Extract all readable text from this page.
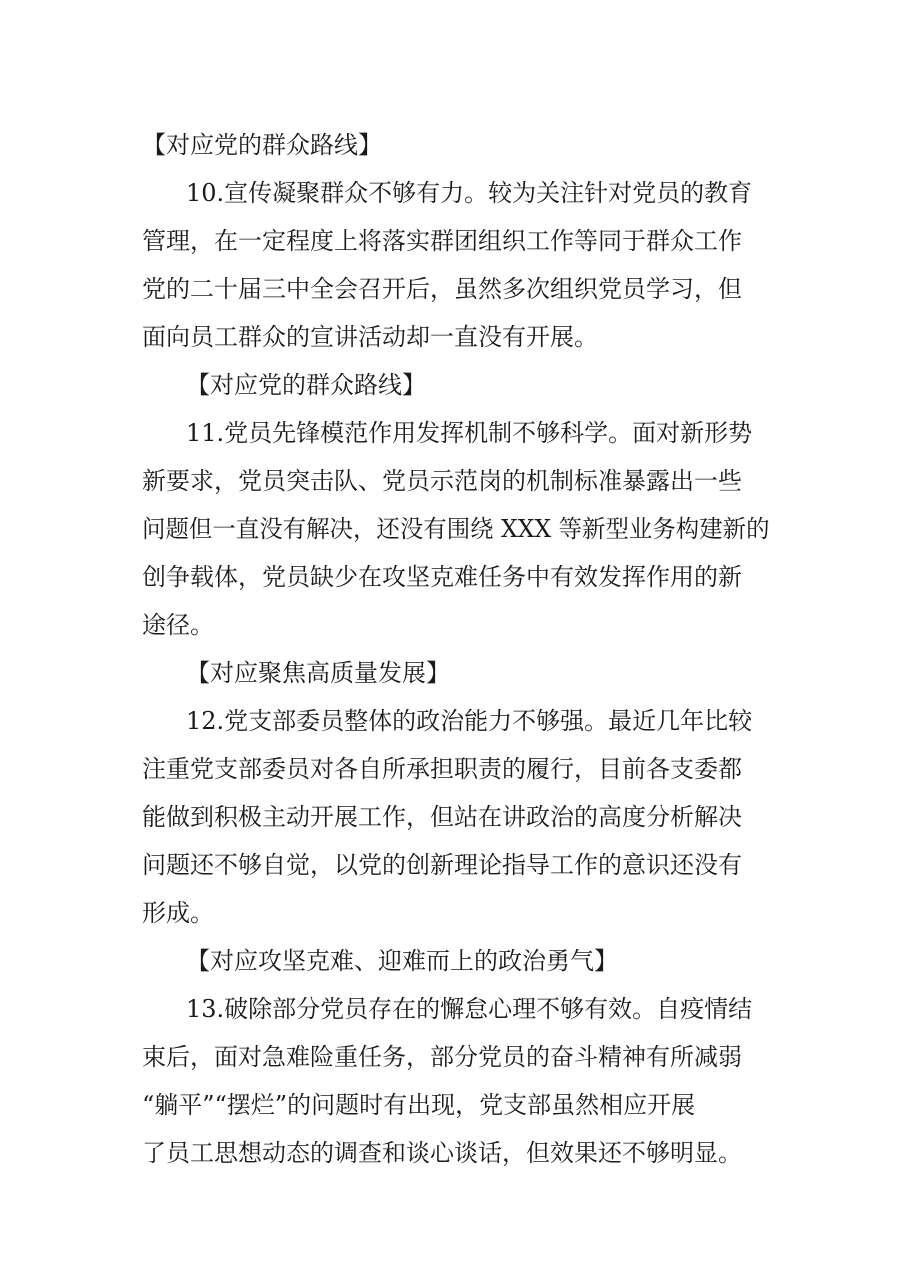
【对应党的群众路线】
10.宣传凝聚群众不够有力。较为关注针对党员的教育
管理，在一定程度上将落实群团组织工作等同于群众工作
党的二十届三中全会召开后，虽然多次组织党员学习，但
面向员工群众的宣讲活动却一直没有开展。
【对应党的群众路线】
11.党员先锋模范作用发挥机制不够科学。面对新形势
新要求，党员突击队、党员示范岗的机制标准暴露出一些
问题但一直没有解决，还没有围绕 XXX 等新型业务构建新的
创争载体，党员缺少在攻坚克难任务中有效发挥作用的新
途径。
【对应聚焦高质量发展】
12.党支部委员整体的政治能力不够强。最近几年比较
注重党支部委员对各自所承担职责的履行，目前各支委都
能做到积极主动开展工作，但站在讲政治的高度分析解决
问题还不够自觉，以党的创新理论指导工作的意识还没有
形成。
【对应攻坚克难、迎难而上的政治勇气】
13.破除部分党员存在的懈怠心理不够有效。自疫情结
束后，面对急难险重任务，部分党员的奋斗精神有所减弱
“躺平”“摆烂”的问题时有出现，党支部虽然相应开展
了员工思想动态的调查和谈心谈话，但效果还不够明显。
